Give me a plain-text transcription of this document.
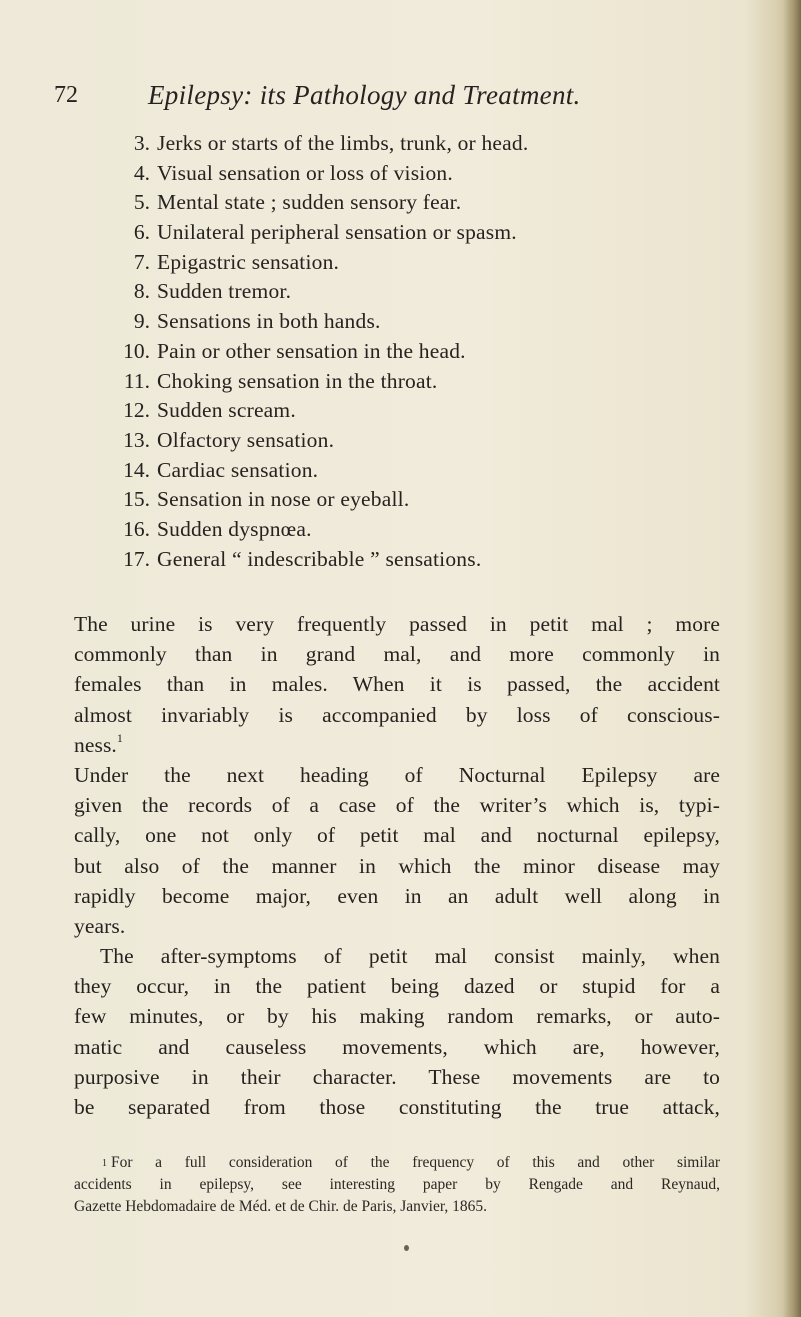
72	Epilepsy: its Pathology and Treatment.
3. Jerks or starts of the limbs, trunk, or head.
4. Visual sensation or loss of vision.
5. Mental state ; sudden sensory fear.
6. Unilateral peripheral sensation or spasm.
7. Epigastric sensation.
8. Sudden tremor.
9. Sensations in both hands.
10. Pain or other sensation in the head.
11. Choking sensation in the throat.
12. Sudden scream.
13. Olfactory sensation.
14. Cardiac sensation.
15. Sensation in nose or eyeball.
16. Sudden dyspnœa.
17. General “ indescribable ” sensations.
The urine is very frequently passed in petit mal ; more
commonly than in grand mal, and more commonly in
females than in males. When it is passed, the accident
almost invariably is accompanied by loss of conscious-
ness.$^1$
Under the next heading of Nocturnal Epilepsy are
given the records of a case of the writer’s which is, typi-
cally, one not only of petit mal and nocturnal epilepsy,
but also of the manner in which the minor disease may
rapidly become major, even in an adult well along in
years.
The after-symptoms of petit mal consist mainly, when
they occur, in the patient being dazed or stupid for a
few minutes, or by his making random remarks, or auto-
matic and causeless movements, which are, however,
purposive in their character. These movements are to
be separated from those constituting the true attack,
$^1$ For a full consideration of the frequency of this and other similar
accidents in epilepsy, see interesting paper by Rengade and Reynaud,
Gazette Hebdomadaire de Méd. et de Chir. de Paris, Janvier, 1865.
